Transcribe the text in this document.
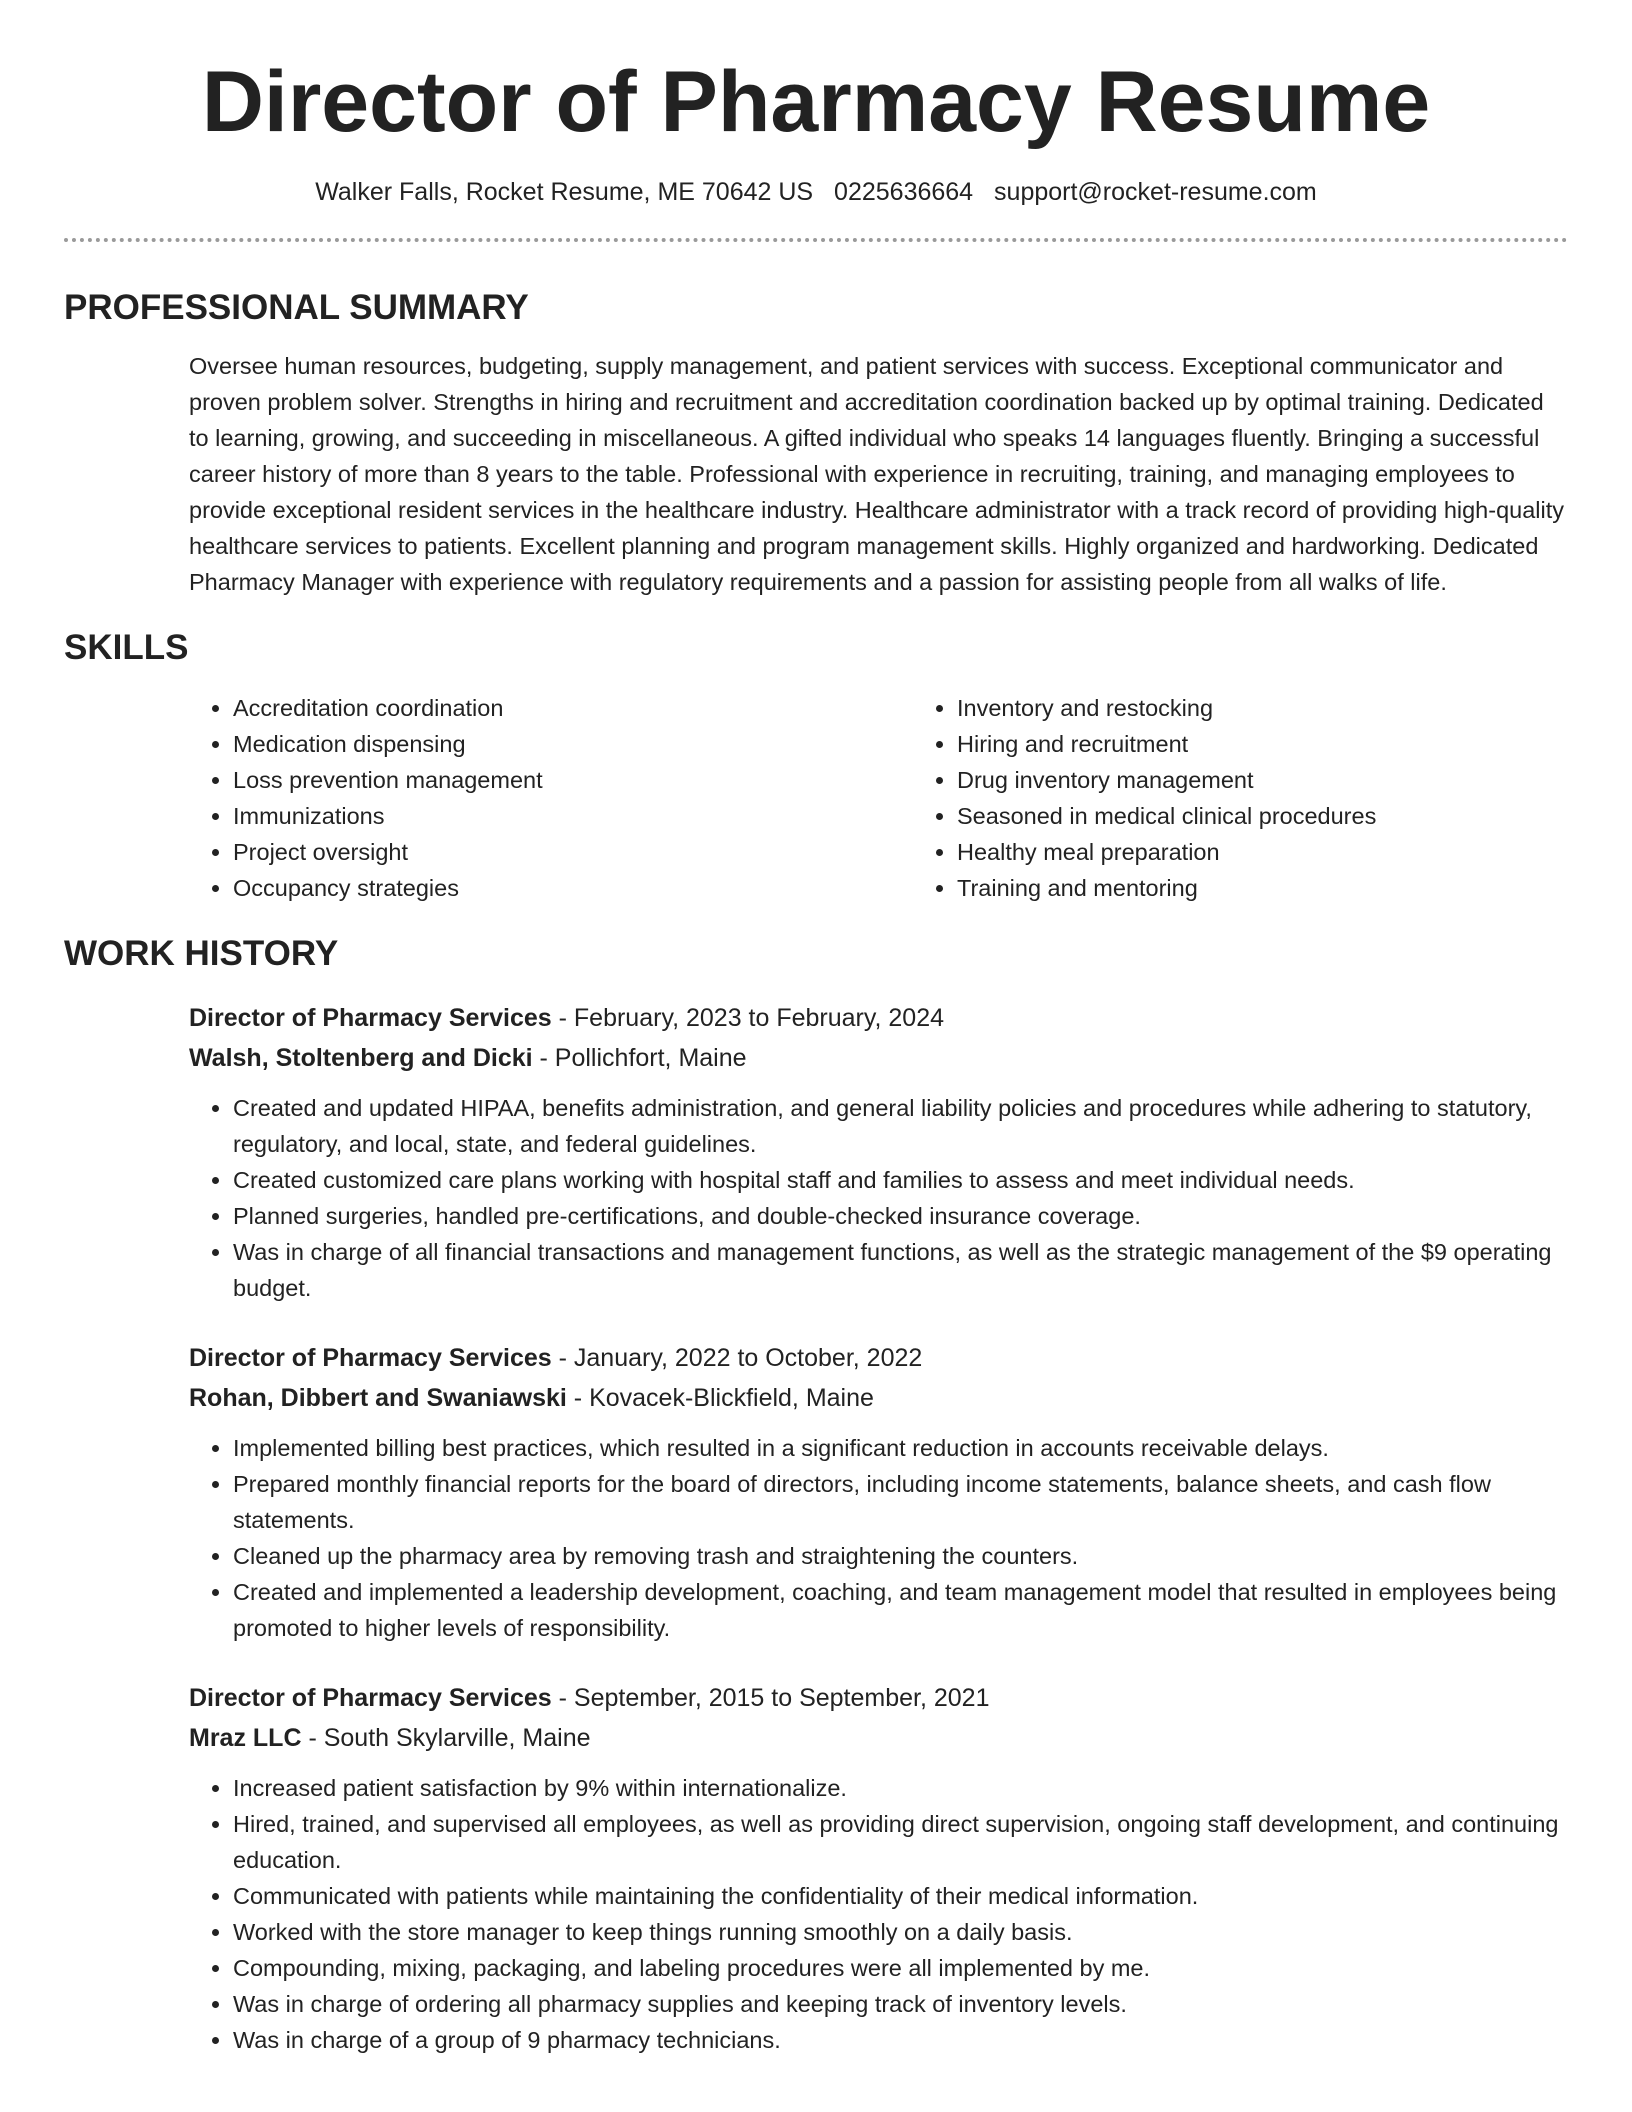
Director of Pharmacy Resume
Walker Falls, Rocket Resume, ME 70642 US 0225636664 support@rocket-resume.com
PROFESSIONAL SUMMARY

Oversee human resources, budgeting, supply management, and patient services with success. Exceptional communicator and proven problem solver. Strengths in hiring and recruitment and accreditation coordination backed up by optimal training. Dedicated to learning, growing, and succeeding in miscellaneous. A gifted individual who speaks 14 languages fluently. Bringing a successful career history of more than 8 years to the table. Professional with experience in recruiting, training, and managing employees to provide exceptional resident services in the healthcare industry. Healthcare administrator with a track record of providing high-quality healthcare services to patients. Excellent planning and program management skills. Highly organized and hardworking. Dedicated Pharmacy Manager with experience with regulatory requirements and a passion for assisting people from all walks of life.

SKILLS
• Accreditation coordination
• Medication dispensing
• Loss prevention management
• Immunizations
• Project oversight
• Occupancy strategies
• Inventory and restocking
• Hiring and recruitment
• Drug inventory management
• Seasoned in medical clinical procedures
• Healthy meal preparation
• Training and mentoring
WORK HISTORY
Director of Pharmacy Services - February, 2023 to February, 2024
Walsh, Stoltenberg and Dicki - Pollichfort, Maine
• Created and updated HIPAA, benefits administration, and general liability policies and procedures while adhering to statutory, regulatory, and local, state, and federal guidelines.
• Created customized care plans working with hospital staff and families to assess and meet individual needs.
• Planned surgeries, handled pre-certifications, and double-checked insurance coverage.
• Was in charge of all financial transactions and management functions, as well as the strategic management of the $9 operating budget.
Director of Pharmacy Services - January, 2022 to October, 2022
Rohan, Dibbert and Swaniawski - Kovacek-Blickfield, Maine
• Implemented billing best practices, which resulted in a significant reduction in accounts receivable delays.
• Prepared monthly financial reports for the board of directors, including income statements, balance sheets, and cash flow statements.
• Cleaned up the pharmacy area by removing trash and straightening the counters.
• Created and implemented a leadership development, coaching, and team management model that resulted in employees being promoted to higher levels of responsibility.
Director of Pharmacy Services - September, 2015 to September, 2021
Mraz LLC - South Skylarville, Maine
• Increased patient satisfaction by 9% within internationalize.
• Hired, trained, and supervised all employees, as well as providing direct supervision, ongoing staff development, and continuing education.
• Communicated with patients while maintaining the confidentiality of their medical information.
• Worked with the store manager to keep things running smoothly on a daily basis.
• Compounding, mixing, packaging, and labeling procedures were all implemented by me.
• Was in charge of ordering all pharmacy supplies and keeping track of inventory levels.
• Was in charge of a group of 9 pharmacy technicians.
